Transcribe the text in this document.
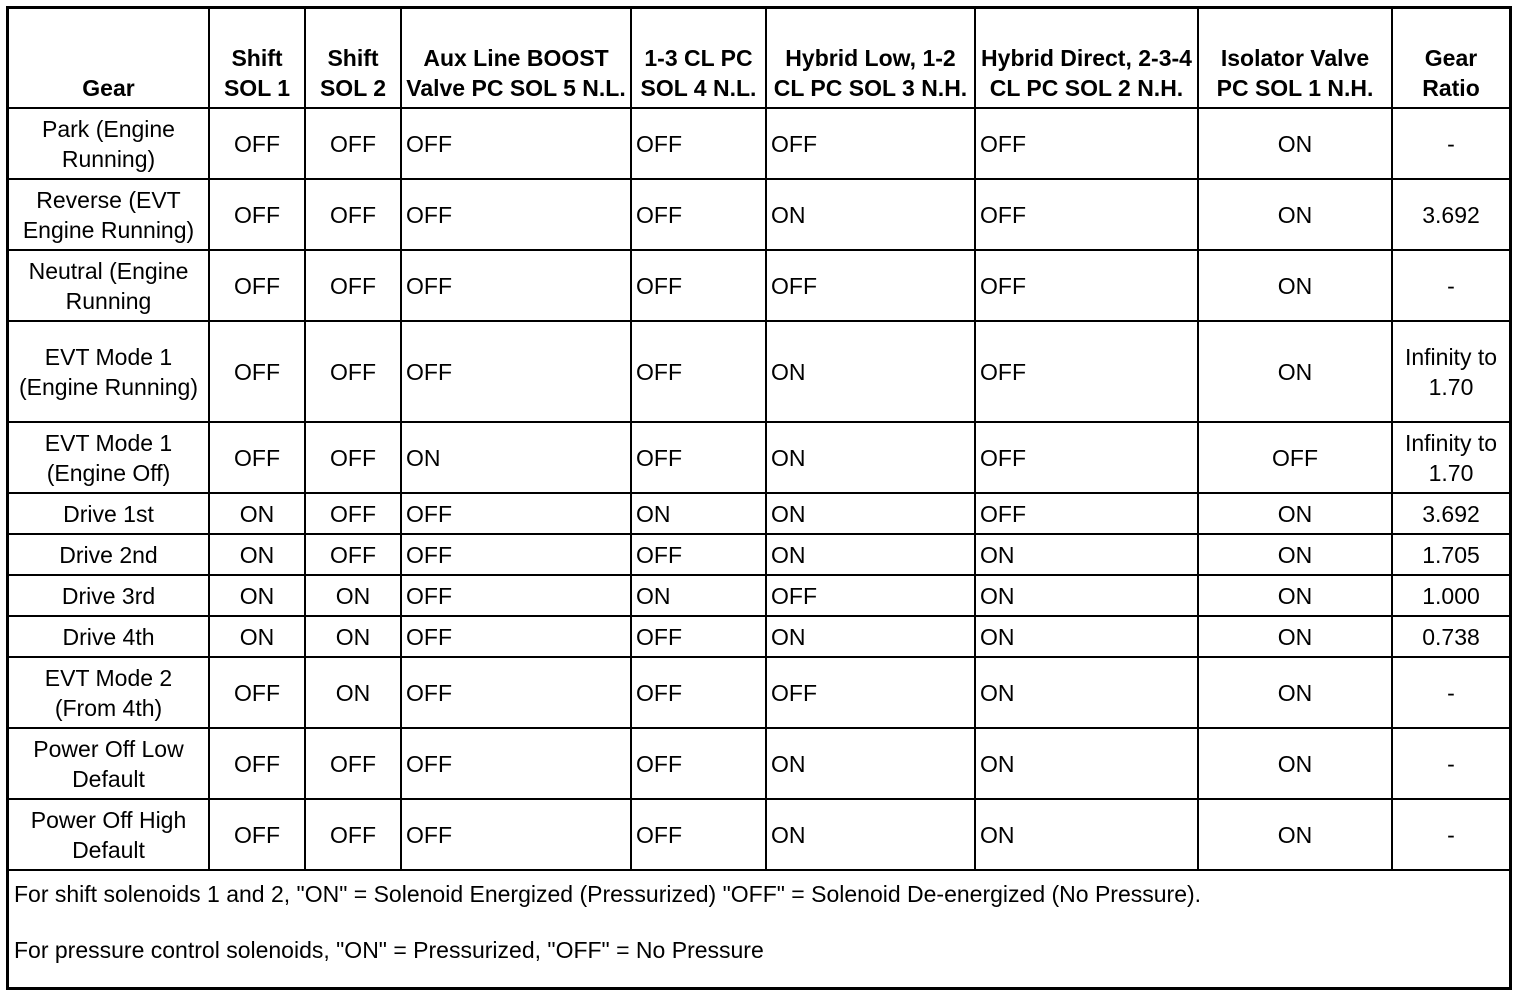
Gear	Shift SOL 1	Shift SOL 2	Aux Line BOOST Valve PC SOL 5 N.L.	1-3 CL PC SOL 4 N.L.	Hybrid Low, 1-2 CL PC SOL 3 N.H.	Hybrid Direct, 2-3-4 CL PC SOL 2 N.H.	Isolator Valve PC SOL 1 N.H.	Gear Ratio
Park (Engine Running)	OFF	OFF	OFF	OFF	OFF	OFF	ON	-
Reverse (EVT Engine Running)	OFF	OFF	OFF	OFF	ON	OFF	ON	3.692
Neutral (Engine Running	OFF	OFF	OFF	OFF	OFF	OFF	ON	-
EVT Mode 1 (Engine Running)	OFF	OFF	OFF	OFF	ON	OFF	ON	Infinity to 1.70
EVT Mode 1 (Engine Off)	OFF	OFF	ON	OFF	ON	OFF	OFF	Infinity to 1.70
Drive 1st	ON	OFF	OFF	ON	ON	OFF	ON	3.692
Drive 2nd	ON	OFF	OFF	OFF	ON	ON	ON	1.705
Drive 3rd	ON	ON	OFF	ON	OFF	ON	ON	1.000
Drive 4th	ON	ON	OFF	OFF	ON	ON	ON	0.738
EVT Mode 2 (From 4th)	OFF	ON	OFF	OFF	OFF	ON	ON	-
Power Off Low Default	OFF	OFF	OFF	OFF	ON	ON	ON	-
Power Off High Default	OFF	OFF	OFF	OFF	ON	ON	ON	-

For shift solenoids 1 and 2, "ON" = Solenoid Energized (Pressurized) "OFF" = Solenoid De-energized (No Pressure).

For pressure control solenoids, "ON" = Pressurized, "OFF" = No Pressure
